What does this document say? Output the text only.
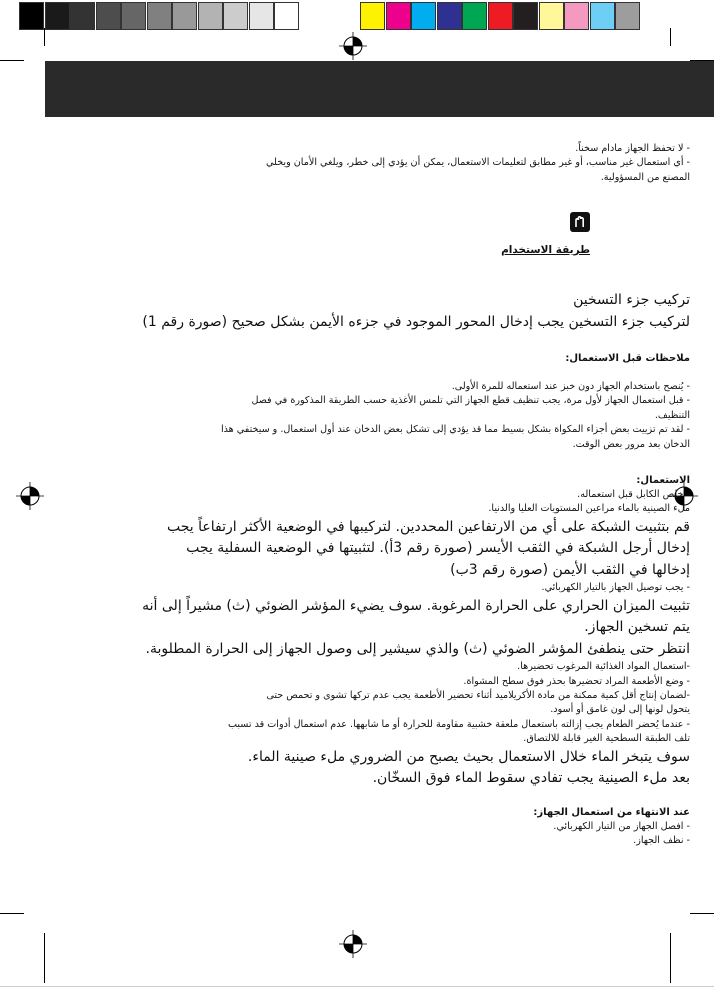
- لا تحفظ الجهاز مادام سخناً.

- أي استعمال غير مناسب، أو غير مطابق لتعليمات الاستعمال، يمكن أن يؤدي إلى خطر، ويلغي الأمان ويخلي

المصنع من المسؤولية.

طريقة الاستخدام

تركيب جزء التسخين

لتركيب جزء التسخين يجب إدخال المحور الموجود في جزءه الأيمن بشكل صحيح (صورة رقم 1)

ملاحظات قبل الاستعمال:

- يُنصح باستخدام الجهاز دون خبز عند استعماله للمرة الأولى.

- قبل استعمال الجهاز لأول مرة، يجب تنظيف قطع الجهاز التي تلمس الأغذية حسب الطريقة المذكورة في فصل

التنظيف.

- لقد تم تزييت بعض أجزاء المكواة بشكل بسيط مما قد يؤدي إلى تشكل بعض الدخان عند أول استعمال. و سيختفي هذا

الدخان بعد مرور بعض الوقت.

الاستعمال:

- خلص الكابل قبل استعماله.

ملء الصينية بالماء مراعين المستويات العليا والدنيا.

قم بتثبيت الشبكة على أي من الارتفاعين المحددين. لتركيبها في الوضعية الأكثر ارتفاعاً يجب

إدخال أرجل الشبكة في الثقب الأيسر (صورة رقم 3أ). لتثبيتها في الوضعية السفلية يجب

إدخالها في الثقب الأيمن (صورة رقم 3ب)

- يجب توصيل الجهاز بالتيار الكهربائي.

تثبيت الميزان الحراري على الحرارة المرغوبة. سوف يضيء المؤشر الضوئي (ث) مشيراً إلى أنه

يتم تسخين الجهاز.

انتظر حتى ينطفئ المؤشر الضوئي (ث) والذي سيشير إلى وصول الجهاز إلى الحرارة المطلوبة.

-استعمال المواد الغذائية المرغوب تحضيرها.

- وضع الأطعمة المراد تحضيرها بحذر فوق سطح المشواة.

-لضمان إنتاج أقل كمية ممكنة من مادة الأكريلاميد أثناء تحضير الأطعمة يجب عدم تركها تشوى و تحمص حتى

يتحول لونها إلى لون غامق أو أسود.

- عندما يُحضر الطعام يجب إزالته باستعمال ملعقة خشبية مقاومة للحرارة أو ما شابهها. عدم استعمال أدوات قد تسبب

تلف الطبقة السطحية الغير قابلة للالتصاق.

سوف يتبخر الماء خلال الاستعمال بحيث يصبح من الضروري ملء صينية الماء.

بعد ملء الصينية يجب تفادي سقوط الماء فوق السخّان.

عند الانتهاء من استعمال الجهاز:

- افصل الجهاز من التيار الكهربائي.

- نظف الجهاز.
